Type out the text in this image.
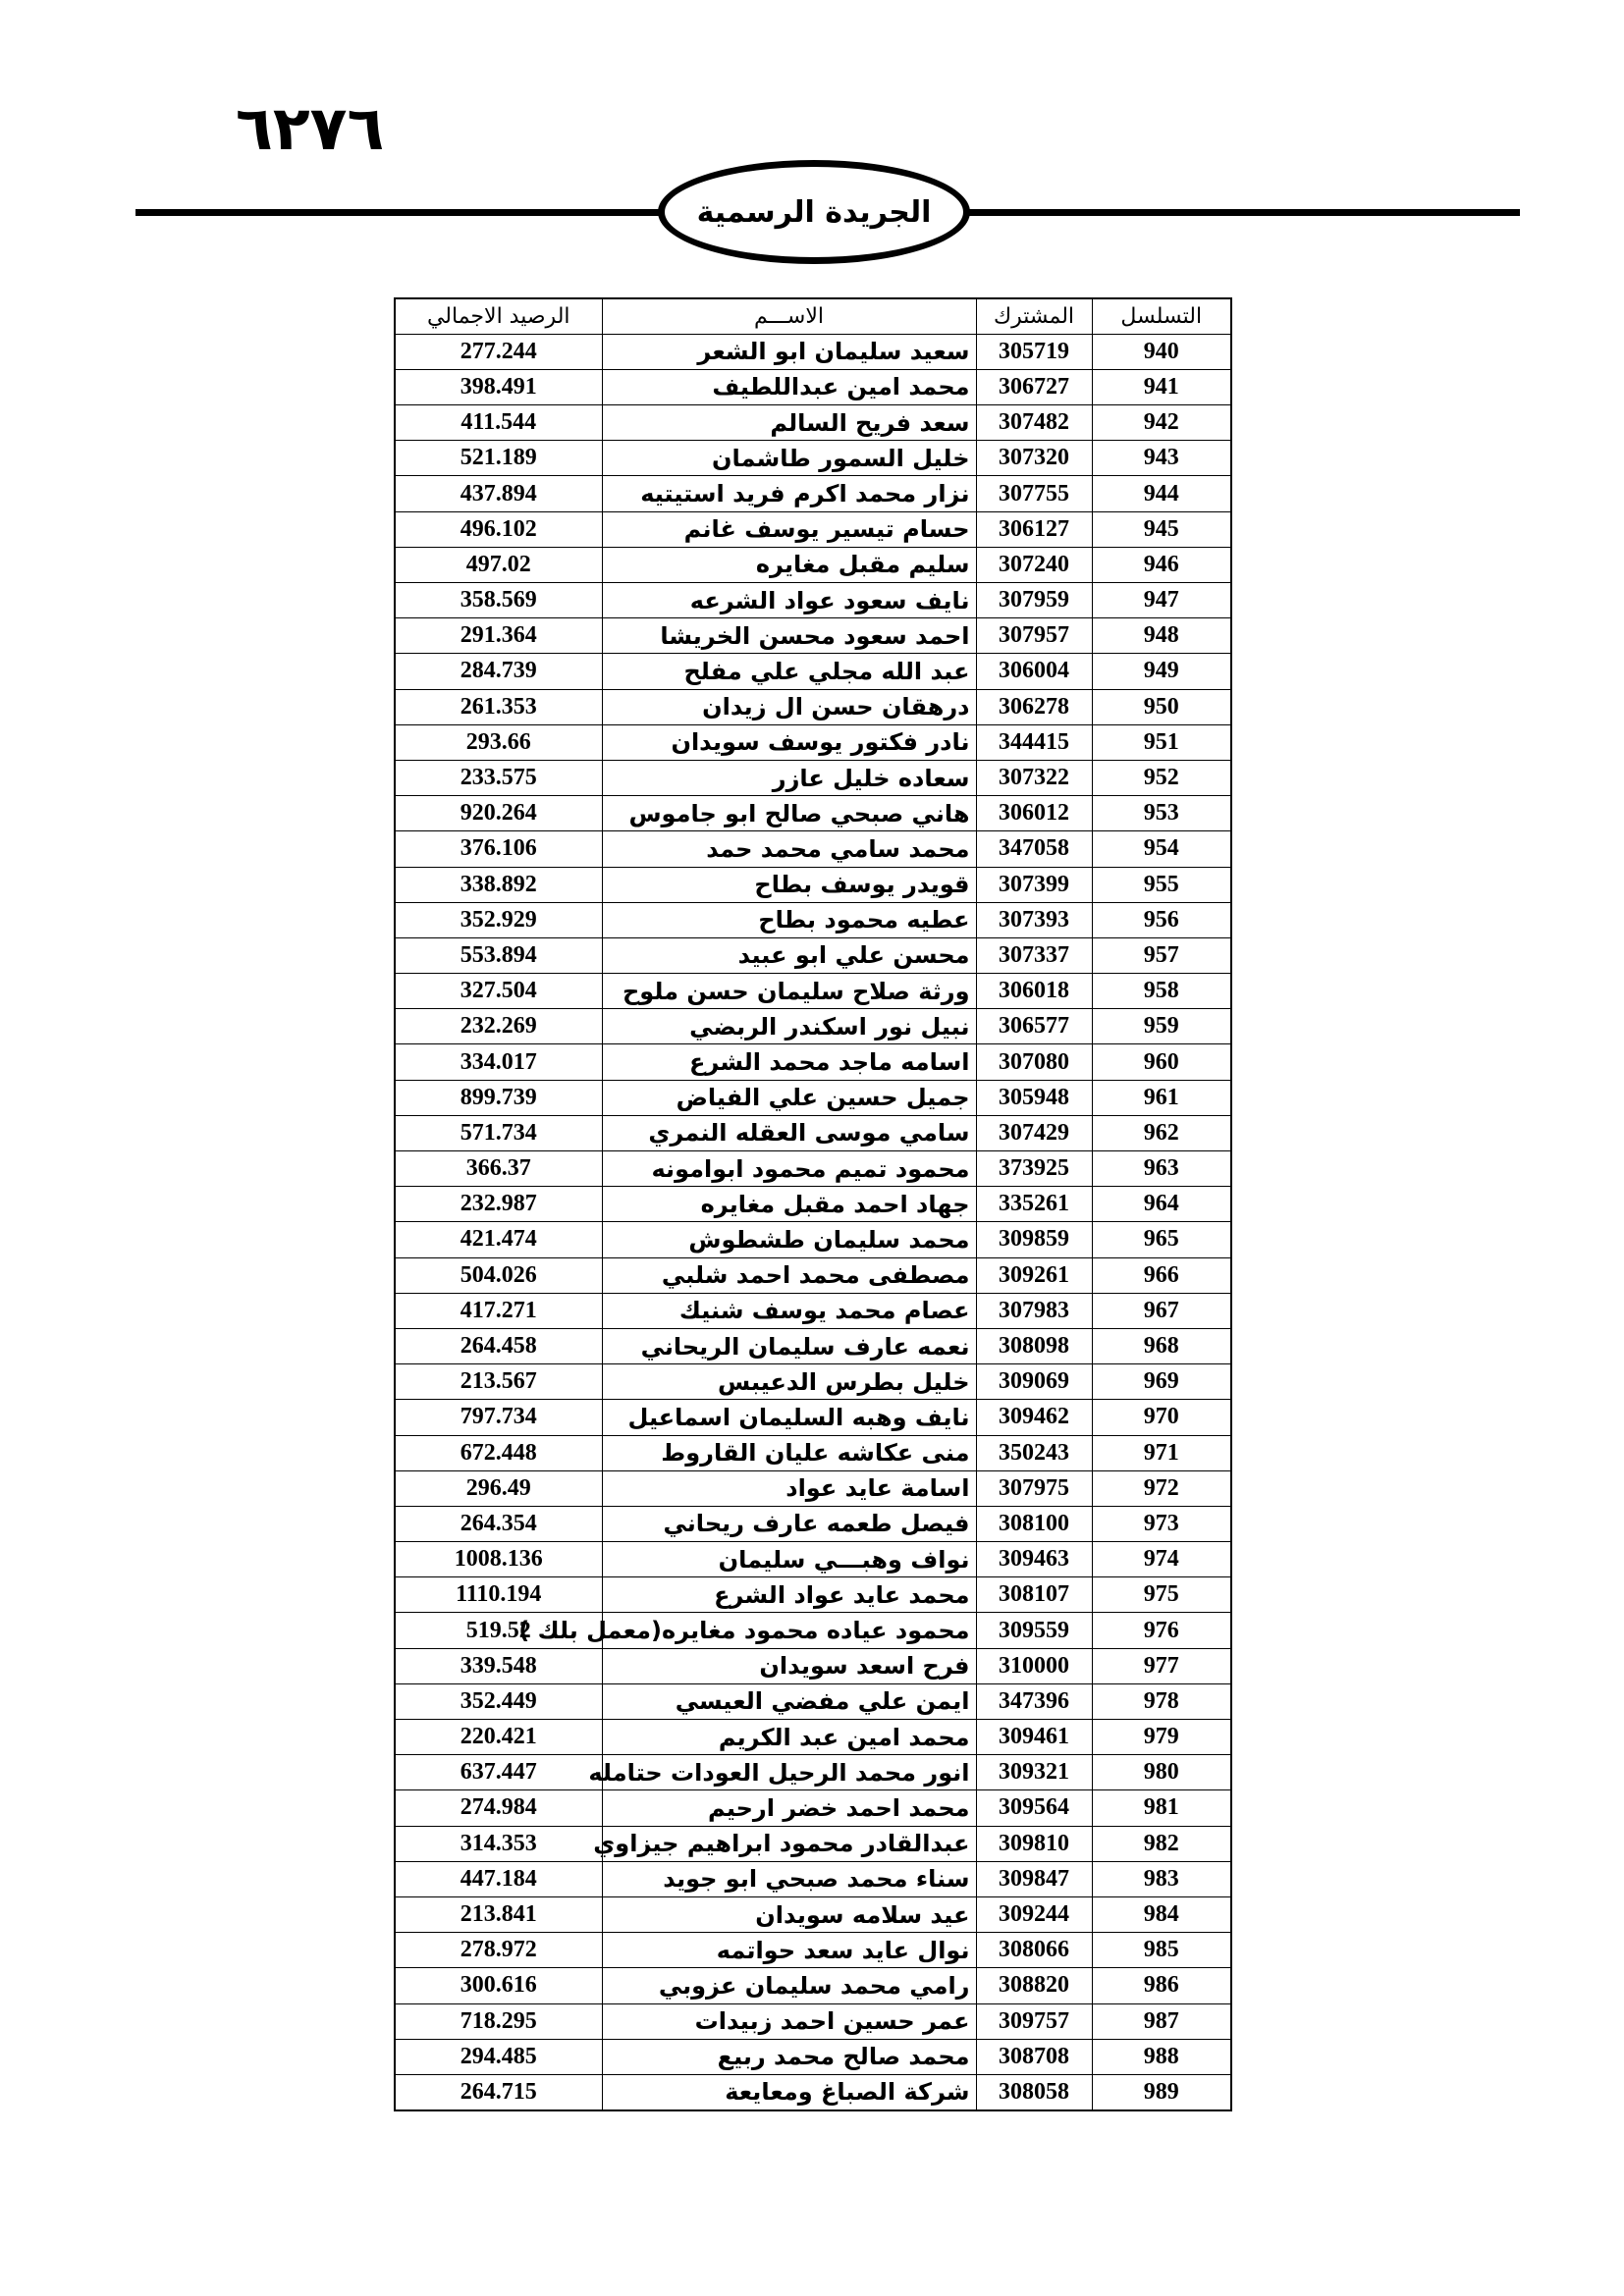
٦٢٧٦
الجريدة الرسمية
التسلسل	المشترك	الاســـم	الرصيد الاجمالي
940	305719	سعيد سليمان ابو الشعر	277.244
941	306727	محمد امين عبداللطيف	398.491
942	307482	سعد فريح السالم	411.544
943	307320	خليل السمور طاشمان	521.189
944	307755	نزار محمد اكرم فريد استيتيه	437.894
945	306127	حسام تيسير يوسف غانم	496.102
946	307240	سليم مقبل مغايره	497.02
947	307959	نايف سعود عواد الشرعه	358.569
948	307957	احمد سعود محسن الخريشا	291.364
949	306004	عبد الله مجلي علي مفلح	284.739
950	306278	درهقان حسن ال زيدان	261.353
951	344415	نادر فكتور يوسف سويدان	293.66
952	307322	سعاده خليل عازر	233.575
953	306012	هاني صبحي صالح ابو جاموس	920.264
954	347058	محمد سامي محمد حمد	376.106
955	307399	قويدر يوسف بطاح	338.892
956	307393	عطيه محمود بطاح	352.929
957	307337	محسن علي ابو عبيد	553.894
958	306018	ورثة صلاح سليمان حسن ملوح	327.504
959	306577	نبيل نور اسكندر الربضي	232.269
960	307080	اسامه ماجد محمد الشرع	334.017
961	305948	جميل حسين علي الفياض	899.739
962	307429	سامي موسى العقله النمري	571.734
963	373925	محمود تميم محمود ابوامونه	366.37
964	335261	جهاد احمد مقبل مغايره	232.987
965	309859	محمد سليمان طشطوش	421.474
966	309261	مصطفى محمد احمد شلبي	504.026
967	307983	عصام محمد يوسف شنيك	417.271
968	308098	نعمه عارف سليمان الريحاني	264.458
969	309069	خليل بطرس الدعيبس	213.567
970	309462	نايف وهبه السليمان اسماعيل	797.734
971	350243	منى عكاشه عليان القاروط	672.448
972	307975	اسامة عايد عواد	296.49
973	308100	فيصل طعمه عارف ريحاني	264.354
974	309463	نواف وهبـــي سليمان	1008.136
975	308107	محمد عايد عواد الشرع	1110.194
976	309559	محمود عياده محمود مغايره(معمل بلك )	519.52
977	310000	فرح اسعد سويدان	339.548
978	347396	ايمن علي مفضي العيسي	352.449
979	309461	محمد امين عبد الكريم	220.421
980	309321	انور محمد الرحيل العودات حتامله	637.447
981	309564	محمد احمد خضر ارحيم	274.984
982	309810	عبدالقادر محمود ابراهيم جيزاوي	314.353
983	309847	سناء محمد صبحي ابو جويد	447.184
984	309244	عيد سلامه سويدان	213.841
985	308066	نوال عايد سعد حواتمه	278.972
986	308820	رامي محمد سليمان عزوبي	300.616
987	309757	عمر حسين احمد زبيدات	718.295
988	308708	محمد صالح محمد ربيع	294.485
989	308058	شركة الصباغ ومعايعة	264.715
